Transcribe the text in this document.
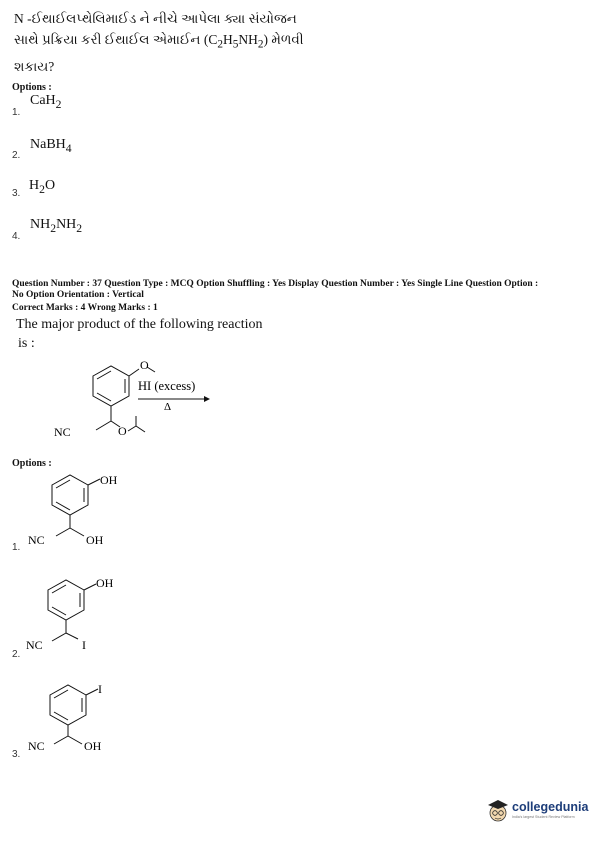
N -ઈથાઈલપ્થેલિમાઈડ ને નીચે આપેલા ક્યા સંયોજન
સાથે પ્રક્રિયા કરી ઈથાઈલ એમાઈન $(C_2H_5NH_2)$ મેળવી
શકાય?
Options :
1.
CaH$_2$
2.
NaBH$_4$
3.
$H_2O$
4.
$NH_2NH_2$
Question Number : 37 Question Type : MCQ Option Shuffling : Yes Display Question Number : Yes Single Line Question Option :
No Option Orientation : Vertical
Correct Marks : 4 Wrong Marks : 1
The major product of the following reaction
is :
O
O
NC
HI (excess)
Δ
Options :
1.
OH
NC	OH
2.
OH
NC	I
3.
I
NC	OH
collegedunia
India's largest Student Review Platform
